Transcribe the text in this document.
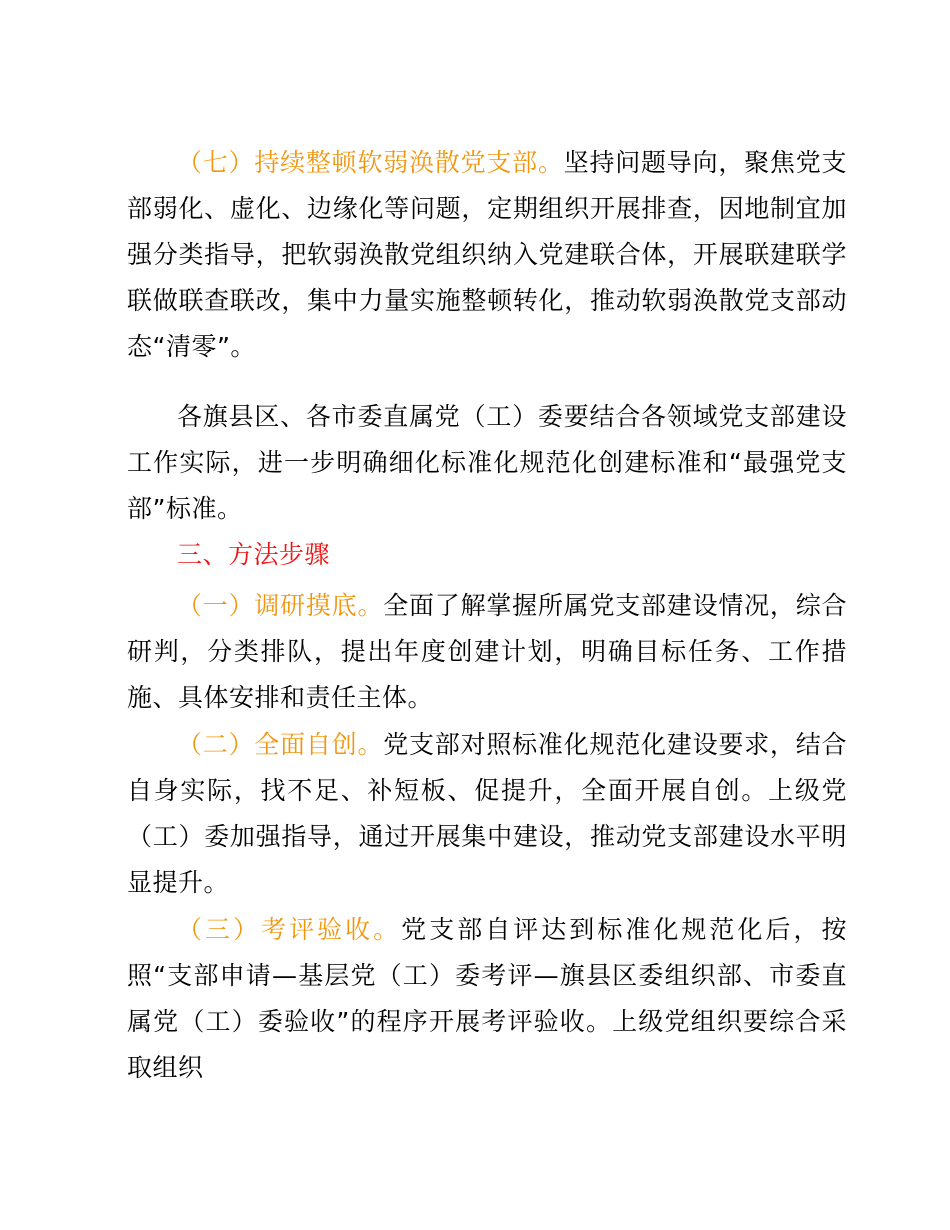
（七）持续整顿软弱涣散党支部。坚持问题导向，聚焦党支部弱化、虚化、边缘化等问题，定期组织开展排查，因地制宜加强分类指导，把软弱涣散党组织纳入党建联合体，开展联建联学联做联查联改，集中力量实施整顿转化，推动软弱涣散党支部动态“清零”。

各旗县区、各市委直属党（工）委要结合各领域党支部建设工作实际，进一步明确细化标准化规范化创建标准和“最强党支部”标准。

三、方法步骤

（一）调研摸底。全面了解掌握所属党支部建设情况，综合研判，分类排队，提出年度创建计划，明确目标任务、工作措施、具体安排和责任主体。

（二）全面自创。党支部对照标准化规范化建设要求，结合自身实际，找不足、补短板、促提升，全面开展自创。上级党（工）委加强指导，通过开展集中建设，推动党支部建设水平明显提升。

（三）考评验收。党支部自评达到标准化规范化后，按照“支部申请—基层党（工）委考评—旗县区委组织部、市委直属党（工）委验收”的程序开展考评验收。上级党组织要综合采取组织
